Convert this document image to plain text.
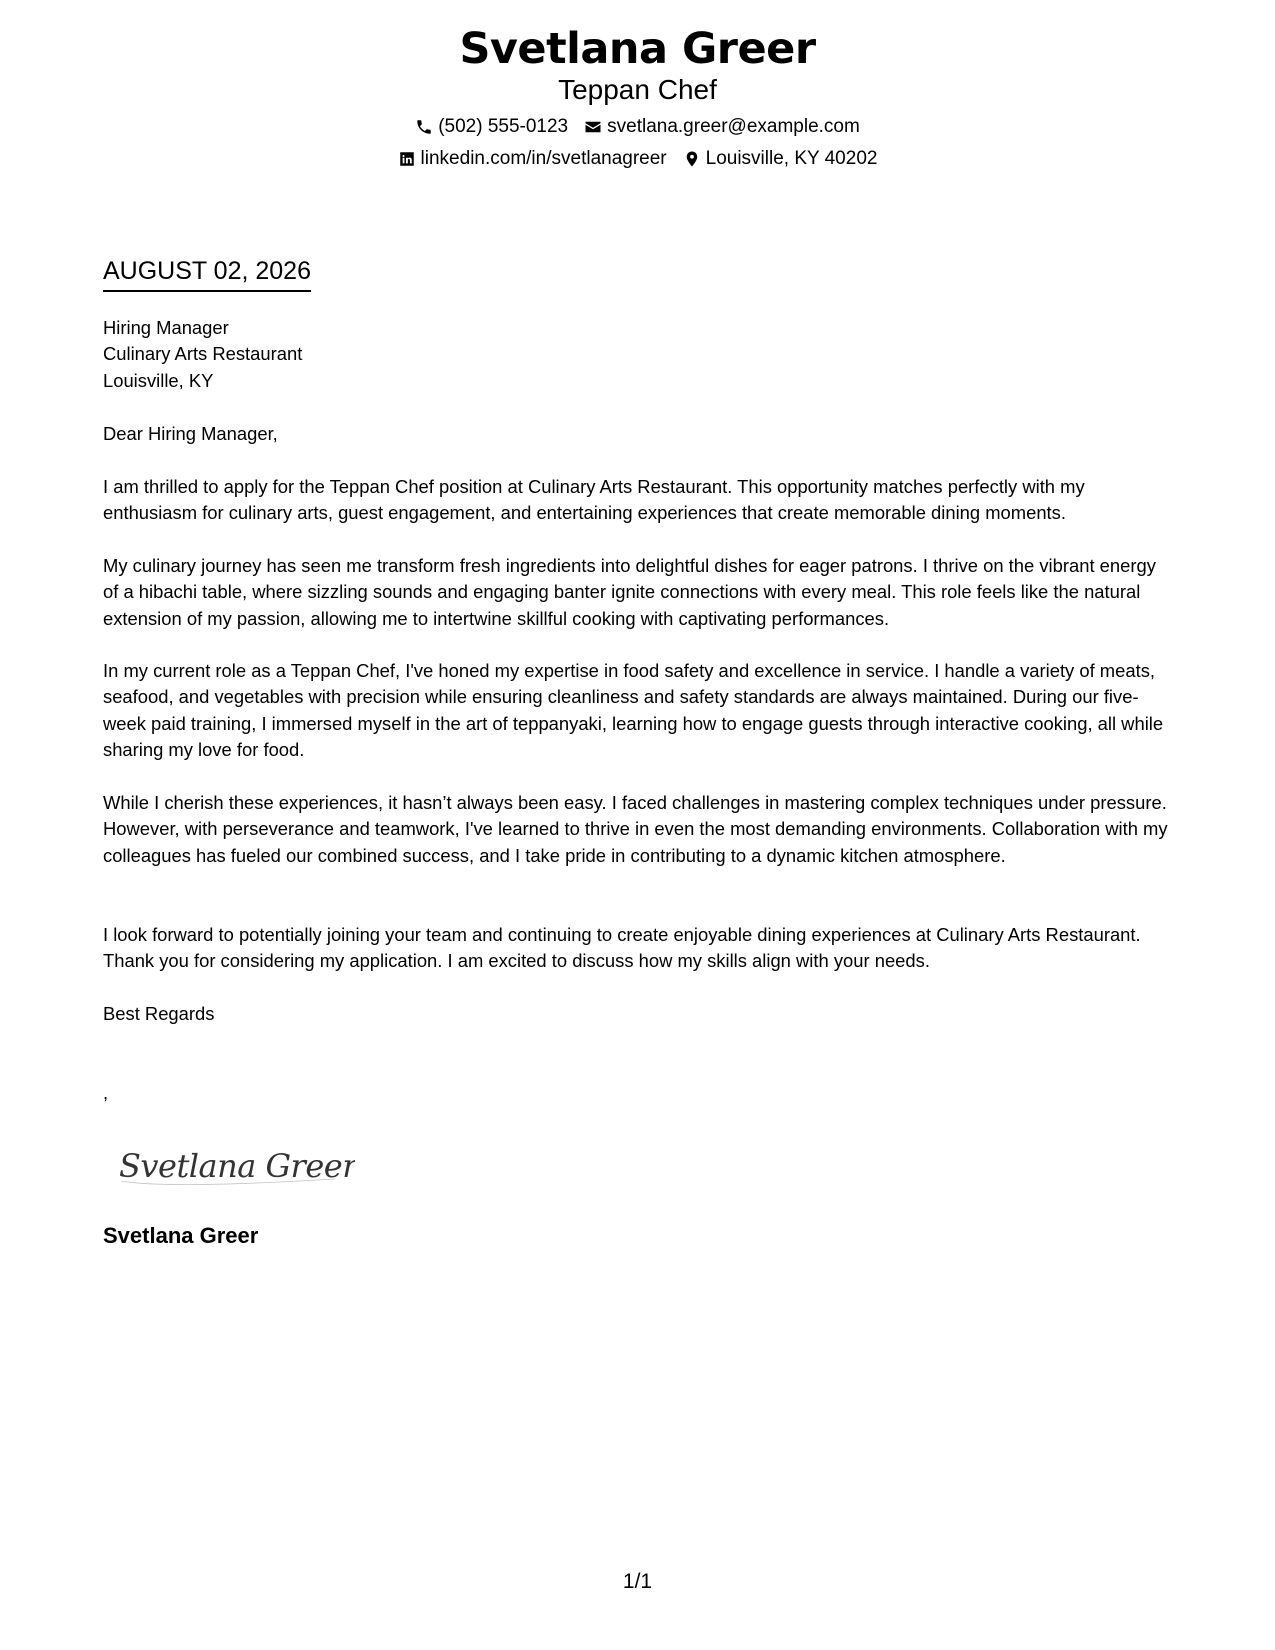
Svetlana Greer
Teppan Chef
(502) 555-0123 svetlana.greer@example.com
linkedin.com/in/svetlanagreer Louisville, KY 40202
AUGUST 02, 2026
Hiring Manager
Culinary Arts Restaurant
Louisville, KY

Dear Hiring Manager,

I am thrilled to apply for the Teppan Chef position at Culinary Arts Restaurant. This opportunity matches perfectly with my enthusiasm for culinary arts, guest engagement, and entertaining experiences that create memorable dining moments.

My culinary journey has seen me transform fresh ingredients into delightful dishes for eager patrons. I thrive on the vibrant energy of a hibachi table, where sizzling sounds and engaging banter ignite connections with every meal. This role feels like the natural extension of my passion, allowing me to intertwine skillful cooking with captivating performances.

In my current role as a Teppan Chef, I've honed my expertise in food safety and excellence in service. I handle a variety of meats, seafood, and vegetables with precision while ensuring cleanliness and safety standards are always maintained. During our five-week paid training, I immersed myself in the art of teppanyaki, learning how to engage guests through interactive cooking, all while sharing my love for food.

While I cherish these experiences, it hasn’t always been easy. I faced challenges in mastering complex techniques under pressure. However, with perseverance and teamwork, I've learned to thrive in even the most demanding environments. Collaboration with my colleagues has fueled our combined success, and I take pride in contributing to a dynamic kitchen atmosphere.

I look forward to potentially joining your team and continuing to create enjoyable dining experiences at Culinary Arts Restaurant. Thank you for considering my application. I am excited to discuss how my skills align with your needs.

Best Regards

,

Svetlana Greer
Svetlana Greer
1/1
